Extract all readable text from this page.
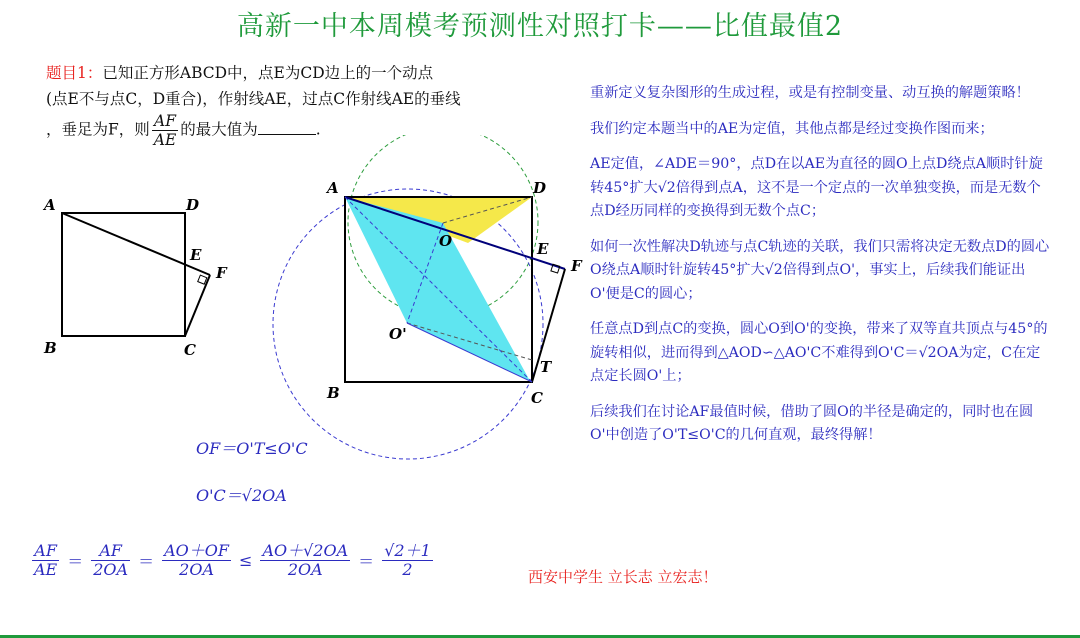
高新一中本周模考预测性对照打卡——比值最值2
题目1：已知正方形ABCD中，点E为CD边上的一个动点
(点E不与点C，D重合)，作射线AE，过点C作射线AE的垂线
，垂足为F，则 $\frac{AF}{AE}$ 的最大值为	.
A	D
E
F
B	C
A	D
O	E
F
O'
T
B	C
OF＝O'T≤O'C
O'C＝√2OA
$\frac{AF}{AE} = \frac{AF}{2OA} = \frac{AO+OF}{2OA} \le \frac{AO+√2OA}{2OA} = \frac{√2+1}{2}$	西安中学生 立长志 立宏志！

重新定义复杂图形的生成过程，或是有控制变量、动互换的解题策略！

我们约定本题当中的AE为定值，其他点都是经过变换作图而来；

AE定值，∠ADE＝90°，点D在以AE为直径的圆O上点D绕点A顺时针旋转45°扩大√2倍得到点A，这不是一个定点的一次单独变换，而是无数个点D经历同样的变换得到无数个点C；

如何一次性解决D轨迹与点C轨迹的关联，我们只需将决定无数点D的圆心O绕点A顺时针旋转45°扩大√2倍得到点O'，事实上，后续我们能证出O'便是C的圆心；

任意点D到点C的变换，圆心O到O'的变换，带来了双等直共顶点与45°的旋转相似，进而得到△AOD∽△AO'C不难得到O'C＝√2OA为定，C在定点定长圆O'上；

后续我们在讨论AF最值时候，借助了圆O的半径是确定的，同时也在圆O'中创造了O'T≤O'C的几何直观，最终得解！
